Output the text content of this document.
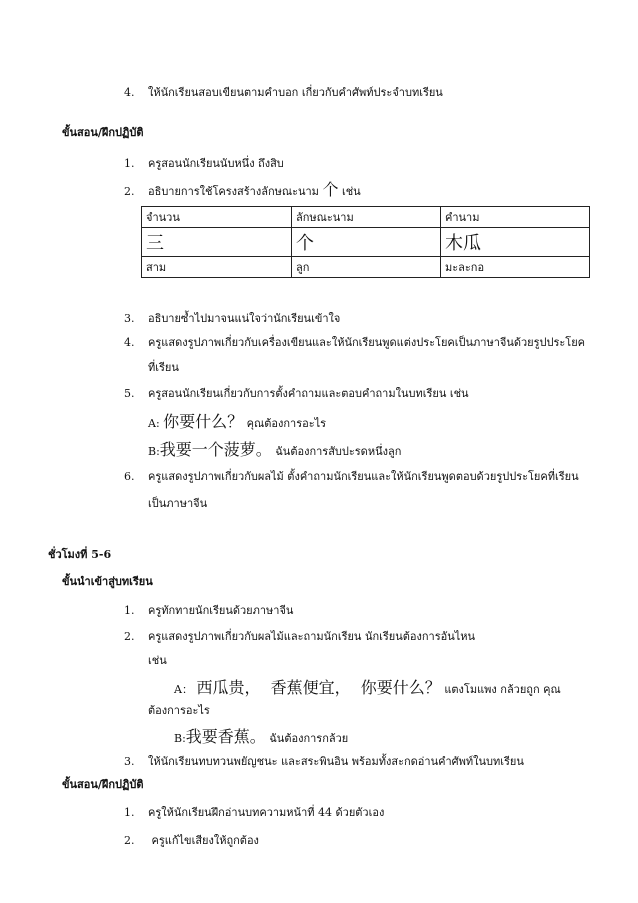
4. ให้นักเรียนสอบเขียนตามคำบอก เกี่ยวกับคำศัพท์ประจำบทเรียน
ขั้นสอน/ฝึกปฏิบัติ
1. ครูสอนนักเรียนนับหนึ่ง ถึงสิบ
2. อธิบายการใช้โครงสร้างลักษณะนาม 个 เช่น
จำนวน	ลักษณะนาม	คำนาม
三	个	木瓜
สาม	ลูก	มะละกอ
3. อธิบายซ้ำไปมาจนแน่ใจว่านักเรียนเข้าใจ
4. ครูแสดงรูปภาพเกี่ยวกับเครื่องเขียนและให้นักเรียนพูดแต่งประโยคเป็นภาษาจีนด้วยรูปประโยค
ที่เรียน
5. ครูสอนนักเรียนเกี่ยวกับการตั้งคำถามและตอบคำถามในบทเรียน เช่น
A: 你要什么？ คุณต้องการอะไร
B:我要一个菠萝。 ฉันต้องการสับปะรดหนึ่งลูก
6. ครูแสดงรูปภาพเกี่ยวกับผลไม้ ตั้งคำถามนักเรียนและให้นักเรียนพูดตอบด้วยรูปประโยคที่เรียน
เป็นภาษาจีน
ชั่วโมงที่ 5-6
ขั้นนำเข้าสู่บทเรียน
1. ครูทักทายนักเรียนด้วยภาษาจีน
2. ครูแสดงรูปภาพเกี่ยวกับผลไม้และถามนักเรียน นักเรียนต้องการอันไหน
เช่น
A： 西瓜贵，  香蕉便宜，  你要什么？ แตงโมแพง กล้วยถูก คุณ
ต้องการอะไร
B:我要香蕉。 ฉันต้องการกล้วย
3. ให้นักเรียนทบทวนพยัญชนะ และสระพินอิน พร้อมทั้งสะกดอ่านคำศัพท์ในบทเรียน
ขั้นสอน/ฝึกปฏิบัติ
1. ครูให้นักเรียนฝึกอ่านบทความหน้าที่ 44 ด้วยตัวเอง
2. ครูแก้ไขเสียงให้ถูกต้อง
